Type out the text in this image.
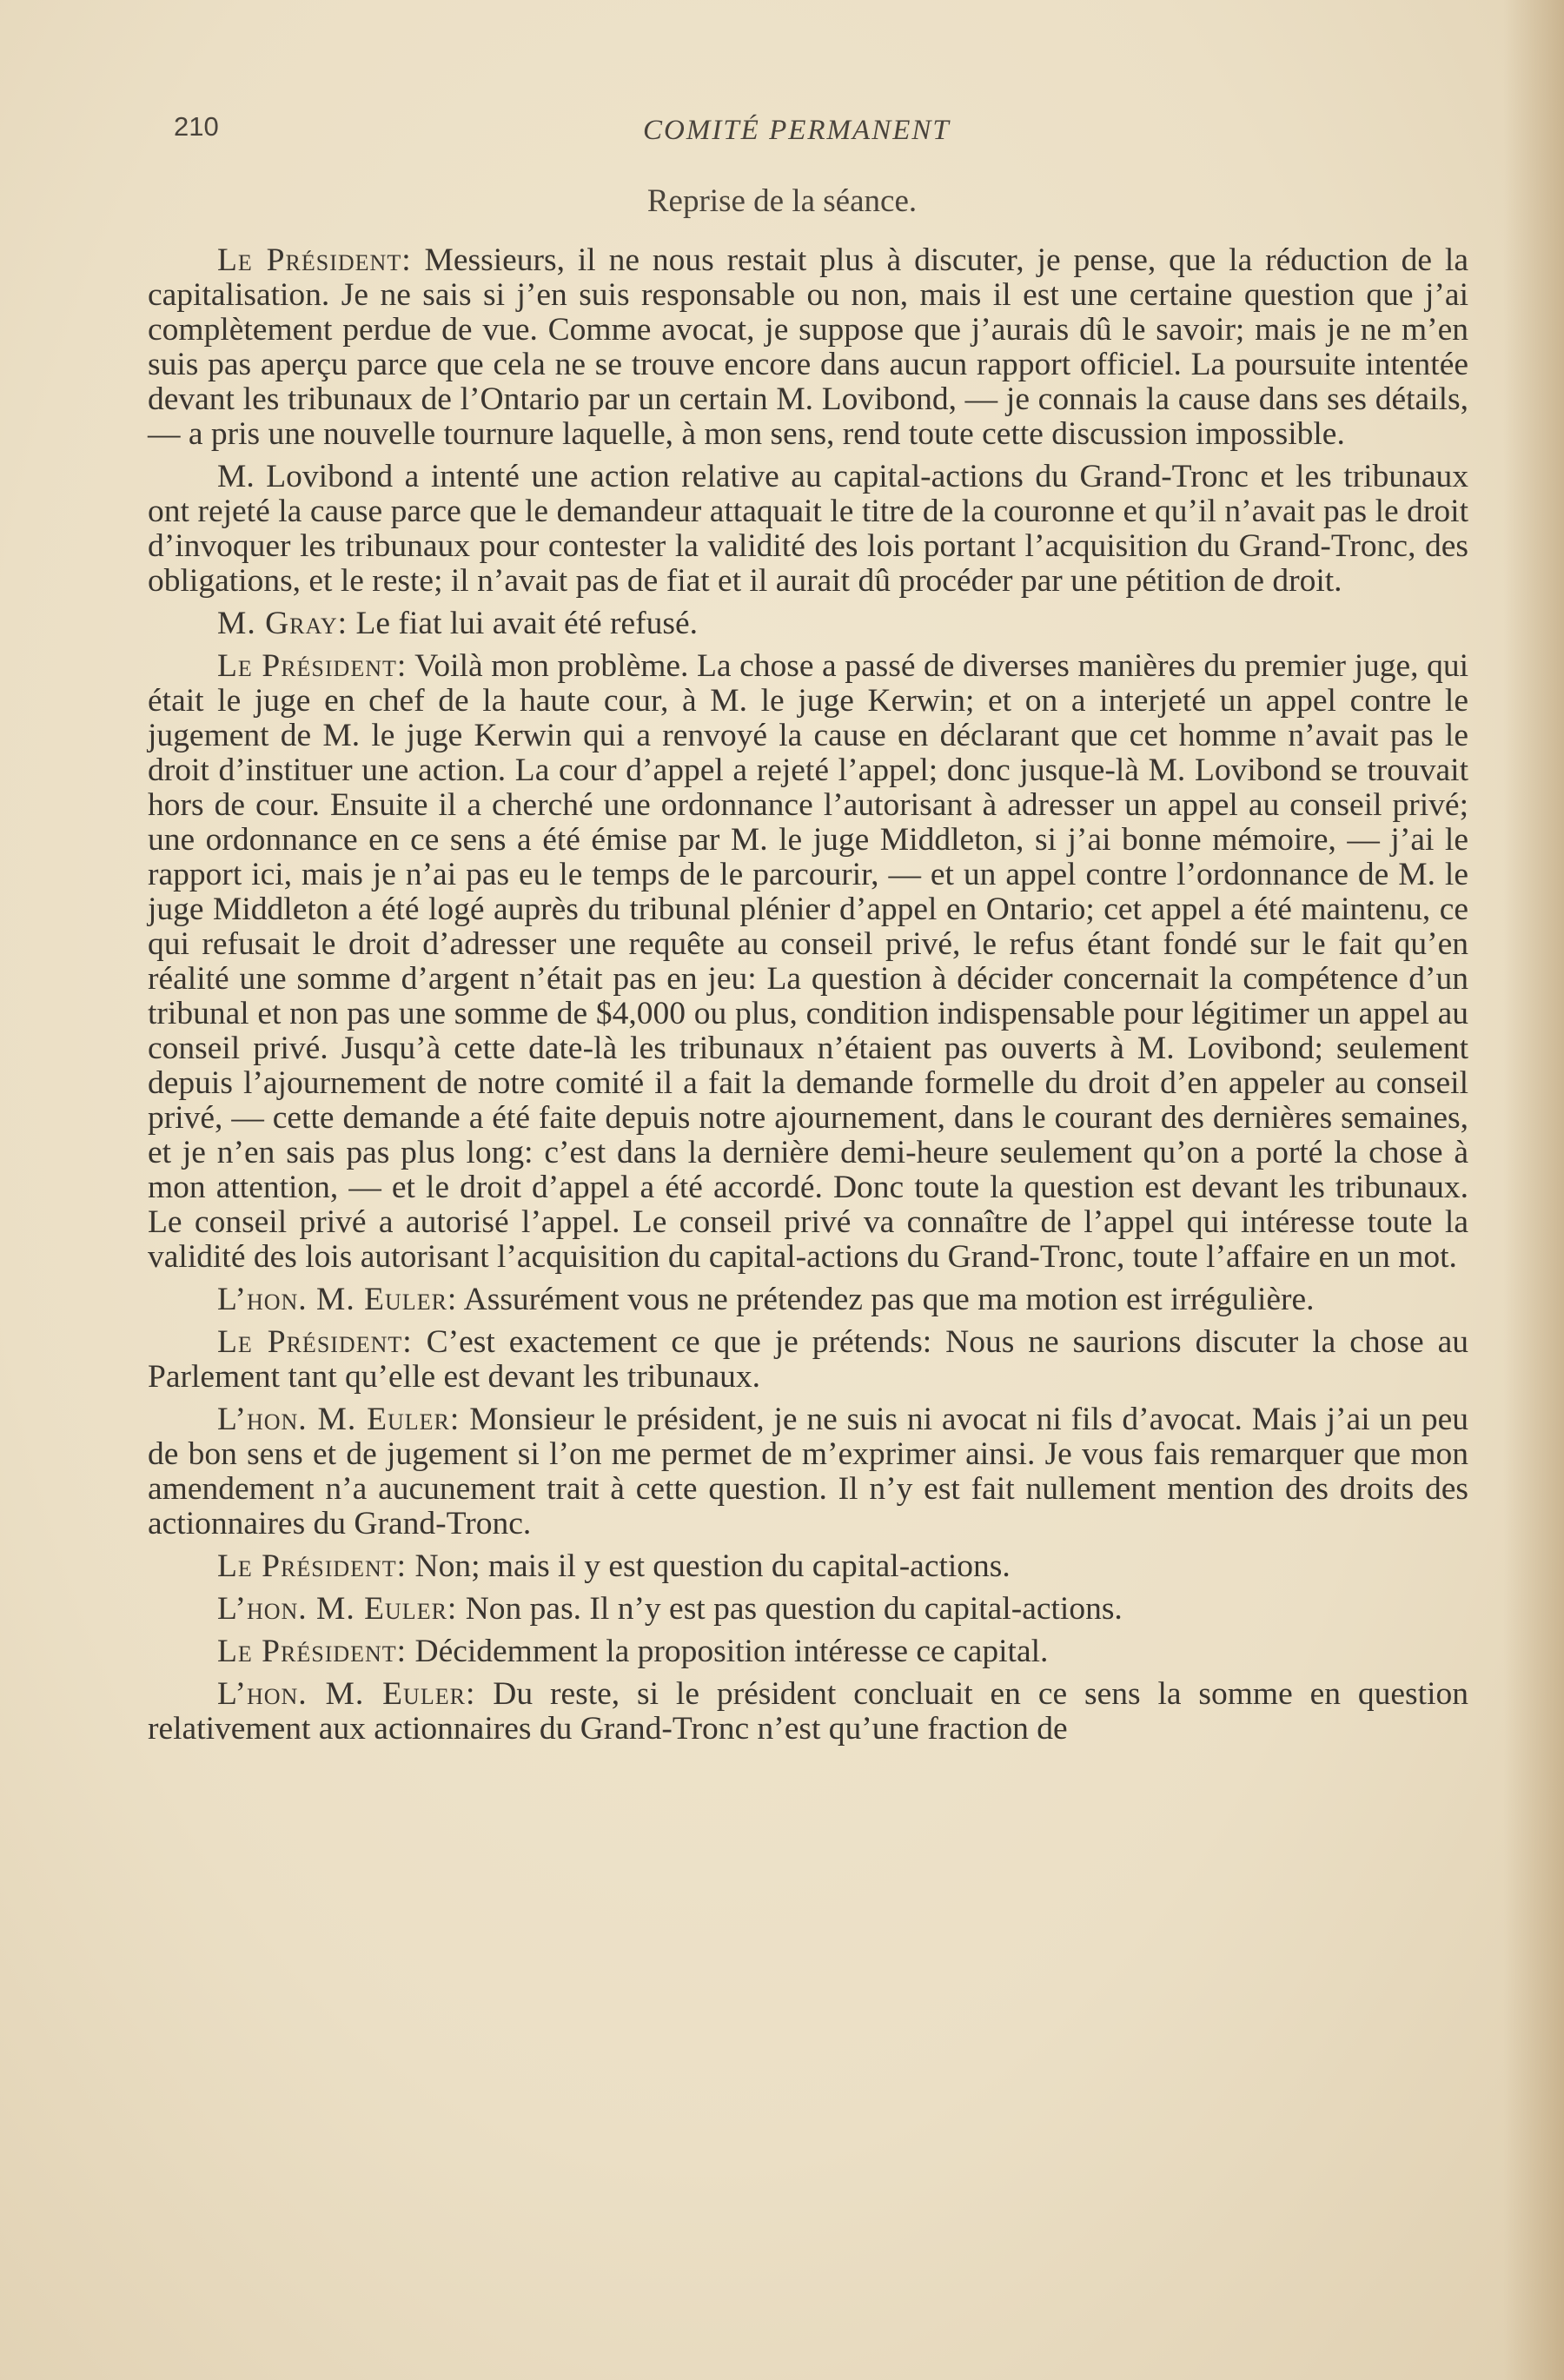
210	COMITÉ PERMANENT
Reprise de la séance.

Le Président: Messieurs, il ne nous restait plus à discuter, je pense, que la réduction de la capitalisation. Je ne sais si j’en suis responsable ou non, mais il est une certaine question que j’ai complètement perdue de vue. Comme avocat, je suppose que j’aurais dû le savoir; mais je ne m’en suis pas aperçu parce que cela ne se trouve encore dans aucun rapport officiel. La poursuite intentée devant les tribunaux de l’Ontario par un certain M. Lovibond, — je connais la cause dans ses détails, — a pris une nouvelle tournure laquelle, à mon sens, rend toute cette discussion impossible.

M. Lovibond a intenté une action relative au capital-actions du Grand-Tronc et les tribunaux ont rejeté la cause parce que le demandeur attaquait le titre de la couronne et qu’il n’avait pas le droit d’invoquer les tribunaux pour contester la validité des lois portant l’acquisition du Grand-Tronc, des obligations, et le reste; il n’avait pas de fiat et il aurait dû procéder par une pétition de droit.

M. Gray: Le fiat lui avait été refusé.

Le Président: Voilà mon problème. La chose a passé de diverses manières du premier juge, qui était le juge en chef de la haute cour, à M. le juge Kerwin; et on a interjeté un appel contre le jugement de M. le juge Kerwin qui a renvoyé la cause en déclarant que cet homme n’avait pas le droit d’instituer une action. La cour d’appel a rejeté l’appel; donc jusque-là M. Lovibond se trouvait hors de cour. Ensuite il a cherché une ordonnance l’autorisant à adresser un appel au conseil privé; une ordonnance en ce sens a été émise par M. le juge Middleton, si j’ai bonne mémoire, — j’ai le rapport ici, mais je n’ai pas eu le temps de le parcourir, — et un appel contre l’ordonnance de M. le juge Middleton a été logé auprès du tribunal plénier d’appel en Ontario; cet appel a été maintenu, ce qui refusait le droit d’adresser une requête au conseil privé, le refus étant fondé sur le fait qu’en réalité une somme d’argent n’était pas en jeu: La question à décider concernait la compétence d’un tribunal et non pas une somme de $4,000 ou plus, condition indispensable pour légitimer un appel au conseil privé. Jusqu’à cette date-là les tribunaux n’étaient pas ouverts à M. Lovibond; seulement depuis l’ajournement de notre comité il a fait la demande formelle du droit d’en appeler au conseil privé, — cette demande a été faite depuis notre ajournement, dans le courant des dernières semaines, et je n’en sais pas plus long: c’est dans la dernière demi-heure seulement qu’on a porté la chose à mon attention, — et le droit d’appel a été accordé. Donc toute la question est devant les tribunaux. Le conseil privé a autorisé l’appel. Le conseil privé va connaître de l’appel qui intéresse toute la validité des lois autorisant l’acquisition du capital-actions du Grand-Tronc, toute l’affaire en un mot.

L’hon. M. Euler: Assurément vous ne prétendez pas que ma motion est irrégulière.

Le Président: C’est exactement ce que je prétends: Nous ne saurions discuter la chose au Parlement tant qu’elle est devant les tribunaux.

L’hon. M. Euler: Monsieur le président, je ne suis ni avocat ni fils d’avocat. Mais j’ai un peu de bon sens et de jugement si l’on me permet de m’exprimer ainsi. Je vous fais remarquer que mon amendement n’a aucunement trait à cette question. Il n’y est fait nullement mention des droits des actionnaires du Grand-Tronc.

Le Président: Non; mais il y est question du capital-actions.

L’hon. M. Euler: Non pas. Il n’y est pas question du capital-actions.

Le Président: Décidemment la proposition intéresse ce capital.

L’hon. M. Euler: Du reste, si le président concluait en ce sens la somme en question relativement aux actionnaires du Grand-Tronc n’est qu’une fraction de
